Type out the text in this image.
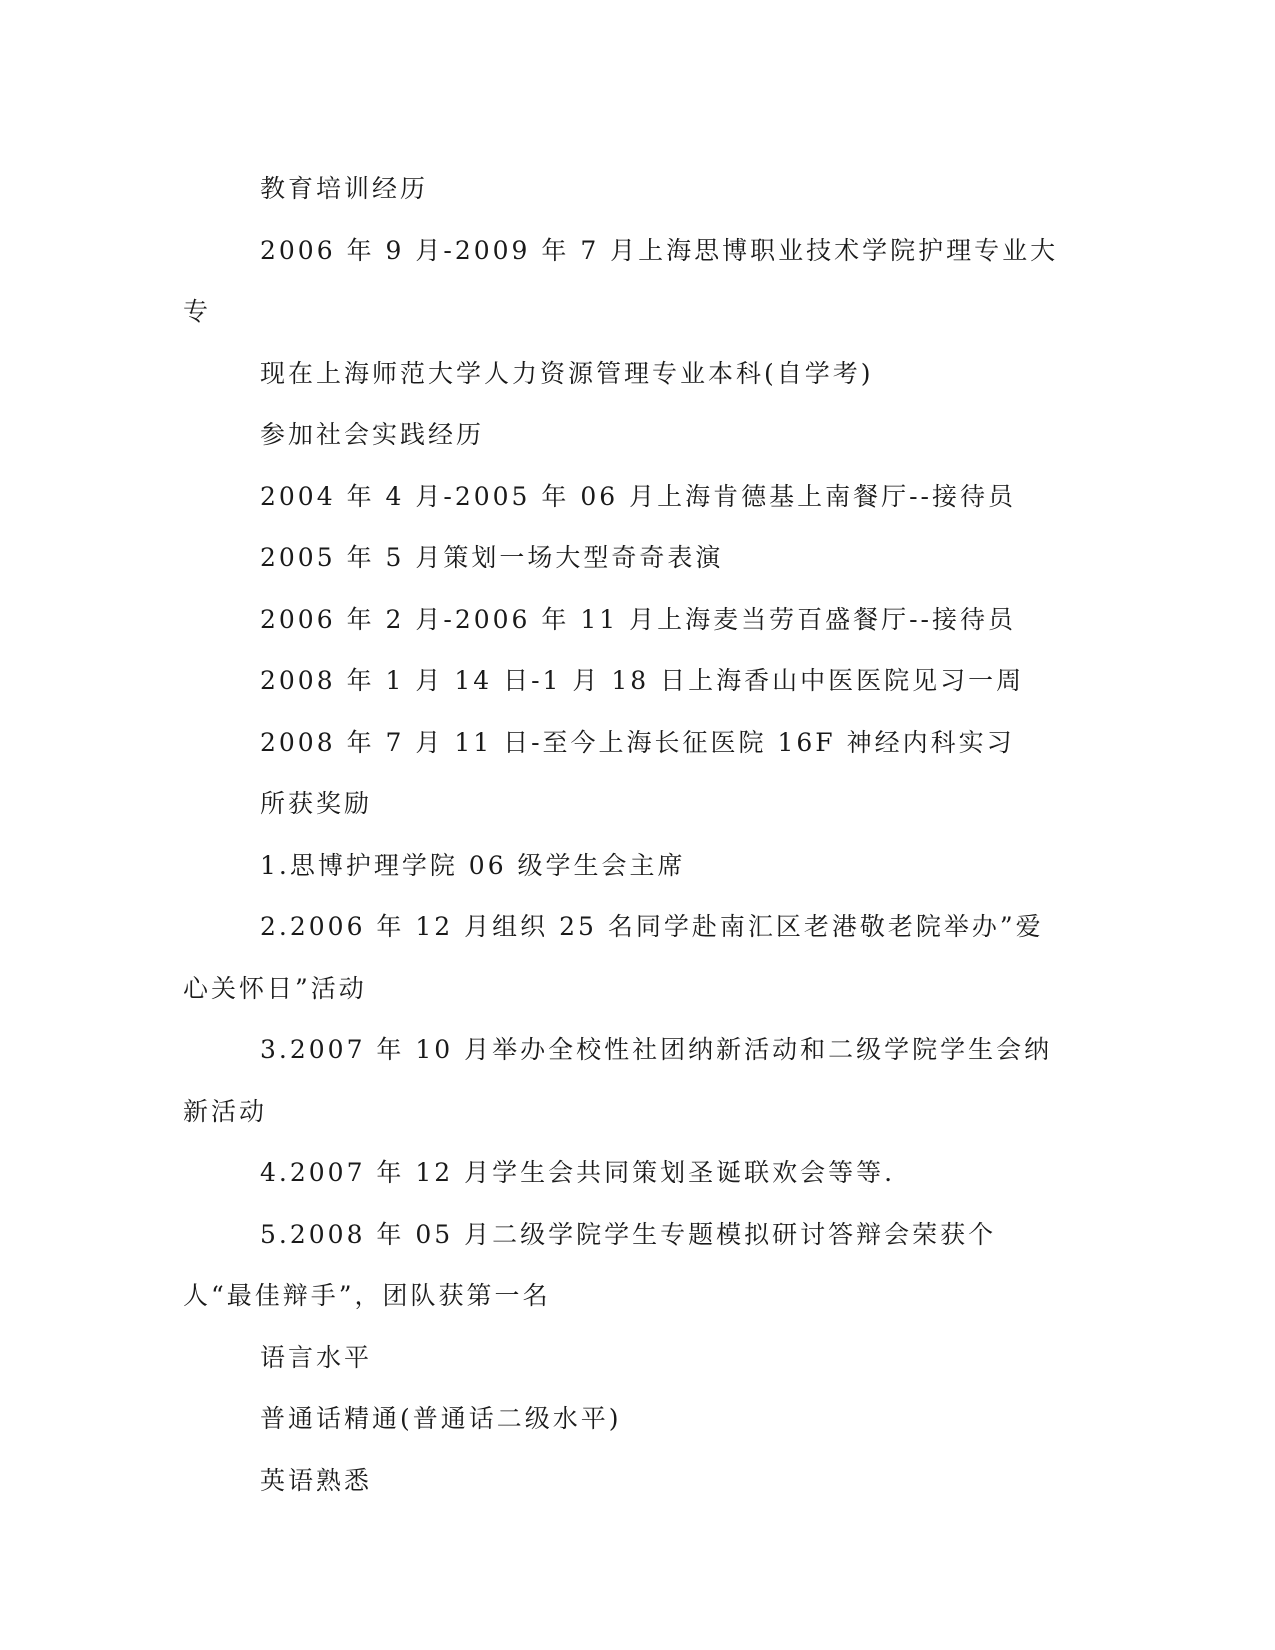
教育培训经历

2006 年 9 月-2009 年 7 月上海思博职业技术学院护理专业大专

现在上海师范大学人力资源管理专业本科(自学考)

参加社会实践经历

2004 年 4 月-2005 年 06 月上海肯德基上南餐厅--接待员

2005 年 5 月策划一场大型奇奇表演

2006 年 2 月-2006 年 11 月上海麦当劳百盛餐厅--接待员

2008 年 1 月 14 日-1 月 18 日上海香山中医医院见习一周

2008 年 7 月 11 日-至今上海长征医院 16F 神经内科实习

所获奖励

1.思博护理学院 06 级学生会主席

2.2006 年 12 月组织 25 名同学赴南汇区老港敬老院举办”爱心关怀日”活动

3.2007 年 10 月举办全校性社团纳新活动和二级学院学生会纳新活动

4.2007 年 12 月学生会共同策划圣诞联欢会等等.

5.2008 年 05 月二级学院学生专题模拟研讨答辩会荣获个人“最佳辩手”，团队获第一名

语言水平

普通话精通(普通话二级水平)

英语熟悉
